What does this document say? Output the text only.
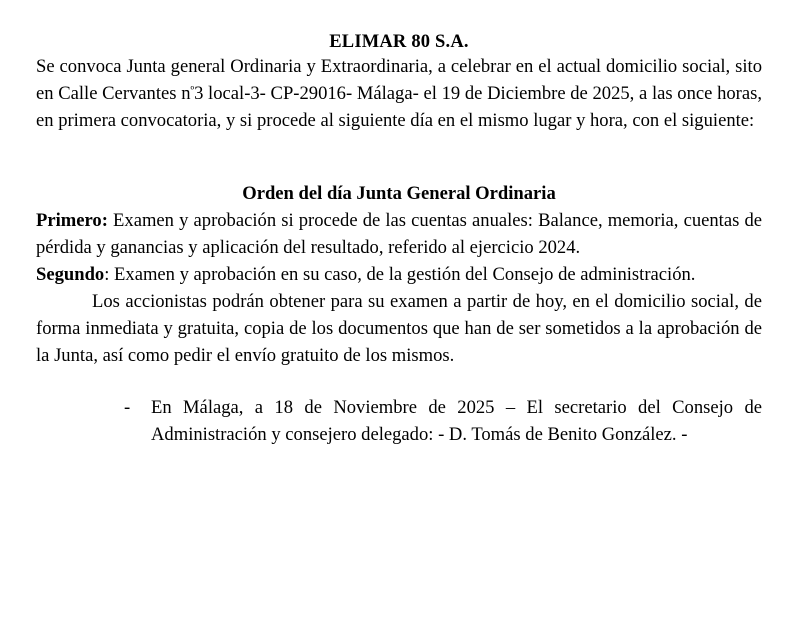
ELIMAR 80 S.A.

Se convoca Junta general Ordinaria y Extraordinaria, a celebrar en el actual domicilio social, sito en Calle Cervantes $n^º3$ local-3- CP-29016- Málaga- el 19 de Diciembre de 2025, a las once horas, en primera convocatoria, y si procede al siguiente día en el mismo lugar y hora, con el siguiente:

Orden del día Junta General Ordinaria

Primero: Examen y aprobación si procede de las cuentas anuales: Balance, memoria, cuentas de pérdida y ganancias y aplicación del resultado, referido al ejercicio 2024.

Segundo: Examen y aprobación en su caso, de la gestión del Consejo de administración.

Los accionistas podrán obtener para su examen a partir de hoy, en el domicilio social, de forma inmediata y gratuita, copia de los documentos que han de ser sometidos a la aprobación de la Junta, así como pedir el envío gratuito de los mismos.

-	En Málaga, a 18 de Noviembre de 2025 – El secretario del Consejo de Administración y consejero delegado: - D. Tomás de Benito González. -
